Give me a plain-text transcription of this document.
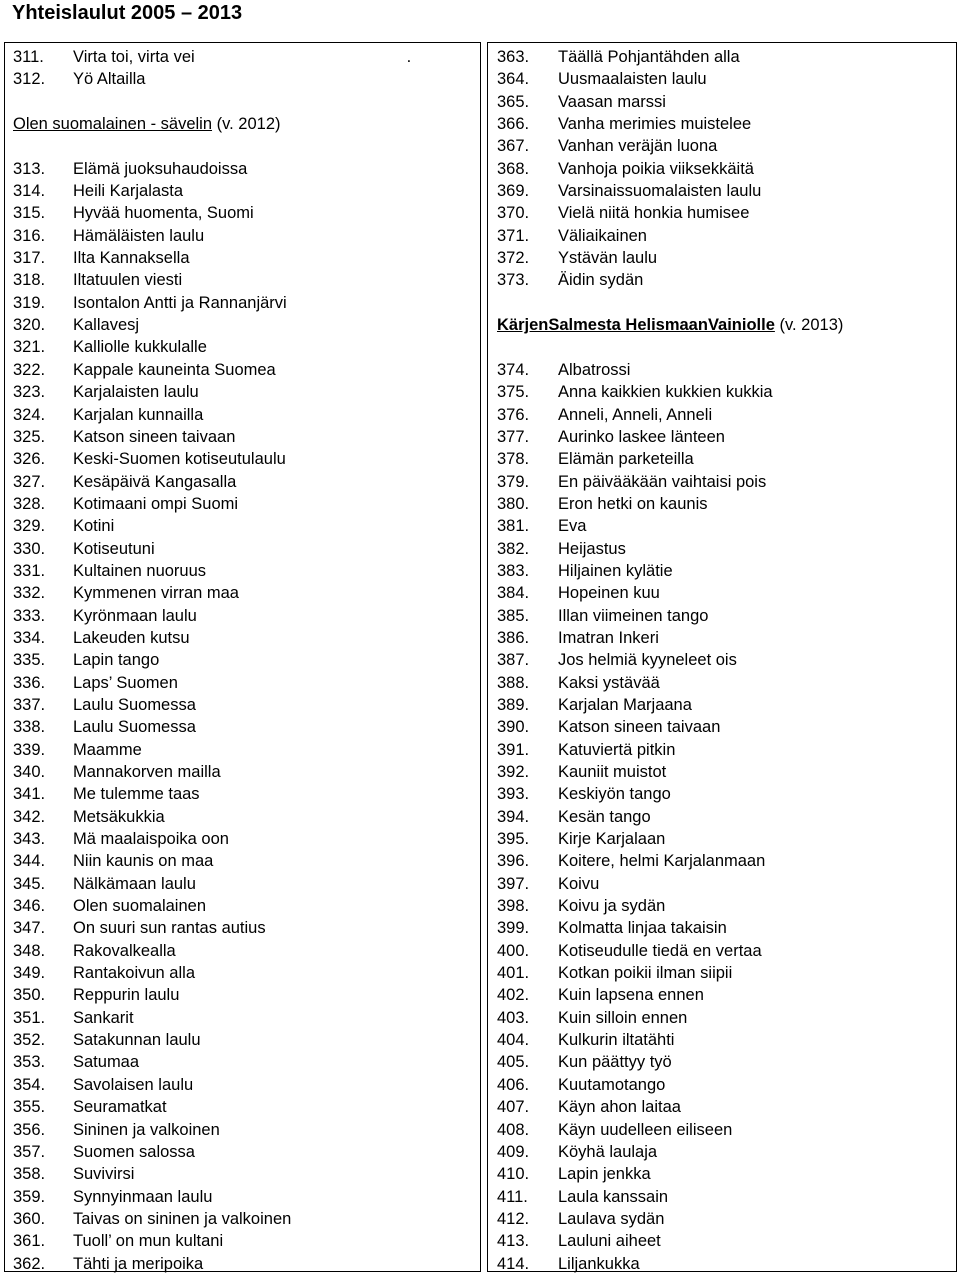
Yhteislaulut 2005 – 2013
311. Virta toi, virta vei	.
312. Yö Altailla
Olen suomalainen - sävelin (v. 2012)
313. Elämä juoksuhaudoissa
314. Heili Karjalasta
315. Hyvää huomenta, Suomi
316. Hämäläisten laulu
317. Ilta Kannaksella
318. Iltatuulen viesti
319. Isontalon Antti ja Rannanjärvi
320. Kallavesj
321. Kalliolle kukkulalle
322. Kappale kauneinta Suomea
323. Karjalaisten laulu
324. Karjalan kunnailla
325. Katson sineen taivaan
326. Keski-Suomen kotiseutulaulu
327. Kesäpäivä Kangasalla
328. Kotimaani ompi Suomi
329. Kotini
330. Kotiseutuni
331. Kultainen nuoruus
332. Kymmenen virran maa
333. Kyrönmaan laulu
334. Lakeuden kutsu
335. Lapin tango
336. Laps’ Suomen
337. Laulu Suomessa
338. Laulu Suomessa
339. Maamme
340. Mannakorven mailla
341. Me tulemme taas
342. Metsäkukkia
343. Mä maalaispoika oon
344. Niin kaunis on maa
345. Nälkämaan laulu
346. Olen suomalainen
347. On suuri sun rantas autius
348. Rakovalkealla
349. Rantakoivun alla
350. Reppurin laulu
351. Sankarit
352. Satakunnan laulu
353. Satumaa
354. Savolaisen laulu
355. Seuramatkat
356. Sininen ja valkoinen
357. Suomen salossa
358. Suvivirsi
359. Synnyinmaan laulu
360. Taivas on sininen ja valkoinen
361. Tuoll’ on mun kultani
362. Tähti ja meripoika
363. Täällä Pohjantähden alla
364. Uusmaalaisten laulu
365. Vaasan marssi
366. Vanha merimies muistelee
367. Vanhan veräjän luona
368. Vanhoja poikia viiksekkäitä
369. Varsinaissuomalaisten laulu
370. Vielä niitä honkia humisee
371. Väliaikainen
372. Ystävän laulu
373. Äidin sydän
KärjenSalmesta HelismaanVainiolle (v. 2013)
374. Albatrossi
375. Anna kaikkien kukkien kukkia
376. Anneli, Anneli, Anneli
377. Aurinko laskee länteen
378. Elämän parketeilla
379. En päivääkään vaihtaisi pois
380. Eron hetki on kaunis
381. Eva
382. Heijastus
383. Hiljainen kylätie
384. Hopeinen kuu
385. Illan viimeinen tango
386. Imatran Inkeri
387. Jos helmiä kyyneleet ois
388. Kaksi ystävää
389. Karjalan Marjaana
390. Katson sineen taivaan
391. Katuviertä pitkin
392. Kauniit muistot
393. Keskiyön tango
394. Kesän tango
395. Kirje Karjalaan
396. Koitere, helmi Karjalanmaan
397. Koivu
398. Koivu ja sydän
399. Kolmatta linjaa takaisin
400. Kotiseudulle tiedä en vertaa
401. Kotkan poikii ilman siipii
402. Kuin lapsena ennen
403. Kuin silloin ennen
404. Kulkurin iltatähti
405. Kun päättyy työ
406. Kuutamotango
407. Käyn ahon laitaa
408. Käyn uudelleen eiliseen
409. Köyhä laulaja
410. Lapin jenkka
411. Laula kanssain
412. Laulava sydän
413. Lauluni aiheet
414. Liljankukka
